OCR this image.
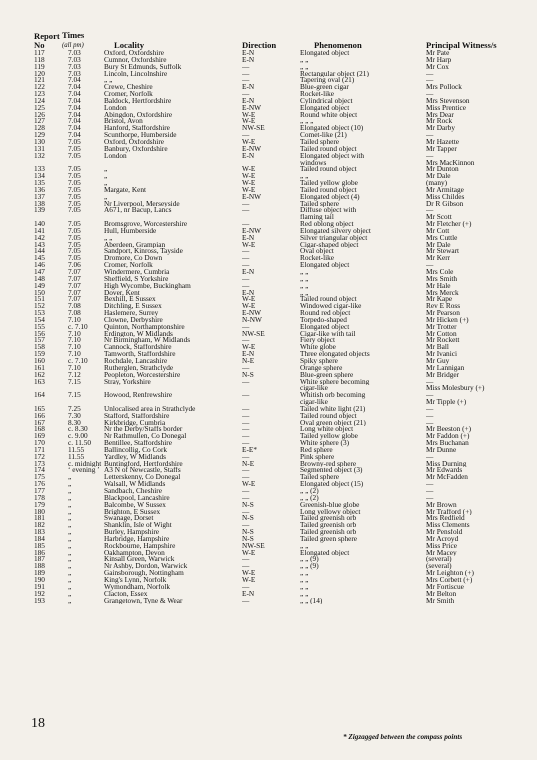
Report No	Times
(all pm)	Locality	Direction	Phenomenon	Principal Witness/s
117	7.03	Oxford, Oxfordshire	E-N	Elongated object	Mr Pate
118	7.03	Cumnor, Oxfordshire	E-N	„ „	Mr Harp
119	7.03	Bury St Edmunds, Suffolk	—	„ „	Mr Cox
120	7.03	Lincoln, Lincolnshire	—	Rectangular object (21)	—
121	7.04	„ „	—	Tapering oval (21)	—
122	7.04	Crewe, Cheshire	E-N	Blue-green cigar	Mrs Pollock
123	7.04	Cromer, Norfolk	—	Rocket-like	—
124	7.04	Baldock, Hertfordshire	E-N	Cylindrical object	Mrs Stevenson
125	7.04	London	E-NW	Elongated object	Miss Prentice
126	7.04	Abingdon, Oxfordshire	W-E	Round white object	Mrs Dear
127	7.04	Bristol, Avon	W-E	„ „ „	Mr Rock
128	7.04	Hanford, Staffordshire	NW-SE	Elongated object (10)	Mr Darby
129	7.04	Scunthorpe, Humberside	—	Comet-like (21)	—
130	7.05	Oxford, Oxfordshire	W-E	Tailed sphere	Mr Hazette
131	7.05	Banbury, Oxfordshire	E-NW	Tailed round object	Mr Tapper
132	7.05	London	E-N	Elongated object with	—
				windows	Mrs MacKinnon
133	7.05	„	W-E	Tailed round object	Mr Dunton
134	7.05	„	W-E	„ „	Mr Dale
135	7.05	„	W-E	Tailed yellow globe	(many)
136	7.05	Margate, Kent	W-E	Tailed round object	Mr Armitage
137	7.05	„	E-NW	Elongated object (4)	Miss Childes
138	7.05	Nr Liverpool, Merseyside	—	Tailed sphere	Dr R Gibson
139	7.05	A671, nr Bacup, Lancs	—	Diffuse object with	—
				flaming tail	Mr Scott
140	7.05	Bromsgrove, Worcestershire	—	Red oblong object	Mr Fletcher (+)
141	7.05	Hull, Humberside	E-NW	Elongated silvery object	Mr Cott
142	7.05	„ „	E-N	Silver triangular object	Mrs Cuttle
143	7.05	Aberdeen, Grampian	W-E	Cigar-shaped object	Mr Dale
144	7.05	Sandport, Kinross, Tayside	—	Oval object	Mr Stewart
145	7.05	Dromore, Co Down	—	Rocket-like	Mr Kerr
146	7.06	Cromer, Norfolk	—	Elongated object	—
147	7.07	Windermere, Cumbria	E-N	„ „	Mrs Cole
148	7.07	Sheffield, S Yorkshire	—	„ „	Mrs Smith
149	7.07	High Wycombe, Buckingham	—	„ „	Mr Hale
150	7.07	Dover, Kent	E-N	„ „	Mrs Merck
151	7.07	Bexhill, E Sussex	W-E	Tailed round object	Mr Kape
152	7.08	Ditchling, E Sussex	W-E	Windowed cigar-like	Rev E Ross
153	7.08	Haslemere, Surrey	E-NW	Round red object	Mr Pearson
154	7.10	Clowne, Derbyshire	N-NW	Torpedo-shaped	Mr Hicken (+)
155	c. 7.10	Quinton, Northamptonshire	—	Elongated object	Mr Trotter
156	7.10	Erdington, W Midlands	NW-SE	Cigar-like with tail	Mr Cotton
157	7.10	Nr Birmingham, W Midlands	—	Fiery object	Mr Rockett
158	7.10	Cannock, Staffordshire	W-E	White globe	Mr Ball
159	7.10	Tamworth, Staffordshire	E-N	Three elongated objects	Mr Ivanici
160	c. 7.10	Rochdale, Lancashire	N-E	Spiky sphere	Mr Guy
161	7.10	Rutherglen, Strathclyde	—	Orange sphere	Mr Lannigan
162	7.12	Peopleton, Worcestershire	N-S	Blue-green sphere	Mr Bridger
163	7.15	Stray, Yorkshire	—	White sphere becoming	—
				cigar-like	Miss Molesbury (+)
164	7.15	Howood, Renfrewshire	—	Whitish orb becoming	—
				cigar-like	Mr Tipple (+)
165	7.25	Unlocalised area in Strathclyde	—	Tailed white light (21)	—
166	7.30	Stafford, Staffordshire	—	Tailed round object	—
167	8.30	Kirkbridge, Cumbria	—	Oval green object (21)	—
168	c. 8.30	Nr the Derby/Staffs border	—	Long white object	Mr Beeston (+)
169	c. 9.00	Nr Rathmullen, Co Donegal	—	Tailed yellow globe	Mr Faddon (+)
170	c. 11.50	Bentillee, Staffordshire	—	White sphere (3)	Mrs Buchanan
171	11.55	Ballincollig, Co Cork	E-E*	Red sphere	Mr Dunne
172	11.55	Yardley, W Midlands	—	Pink sphere	—
173	c. midnight	Buntingford, Hertfordshire	N-E	Browny-red sphere	Miss Durning
174	‘ evening ’	A3 N of Newcastle, Staffs	—	Segmented object (3)	Mr Edwards
175	„	Letterskenny, Co Donegal	—	Tailed sphere	Mr McFadden
176	„	Walsall, W Midlands	W-E	Elongated object (15)	—
177	„	Sandbach, Cheshire	—	„ „ (2)	—
178	„	Blackpool, Lancashire	—	„ „ (2)	—
179	„	Balcombe, W Sussex	N-S	Greenish-blue globe	Mr Brown
180	„	Brighton, E Sussex	—	Long yellowy object	Mr Trafford (+)
181	„	Swanage, Dorset	N-S	Tailed greenish orb	Mrs Redfield
182	„	Shanklin, Isle of Wight	—	Tailed greenish orb	Miss Clements
183	„	Burley, Hampshire	N-S	Tailed greenish orb	Mr Pensfold
184	„	Harbridge, Hampshire	N-S	Tailed green sphere	Mr Acroyd
185	„	Rockbourne, Hampshire	NW-SE	„ „	Miss Price
186	„	Oakhampton, Devon	W-E	Elongated object	Mr Macey
187	„	Kinsall Green, Warwick	—	„ „ (9)	(several)
188	„	Nr Ashby, Dordon, Warwick	—	„ „ (9)	(several)
189	„	Gainsborough, Nottingham	W-E	„ „	Mr Leighton (+)
190	„	King's Lynn, Norfolk	W-E	„ „	Mrs Corbett (+)
191	„	Wymondham, Norfolk	—	„ „	Mr Fortiscue
192	„	Clacton, Essex	E-N	„ „	Mr Belton
193	„	Grangetown, Tyne & Wear	—	„ „ (14)	Mr Smith
18
* Zigzagged between the compass points
